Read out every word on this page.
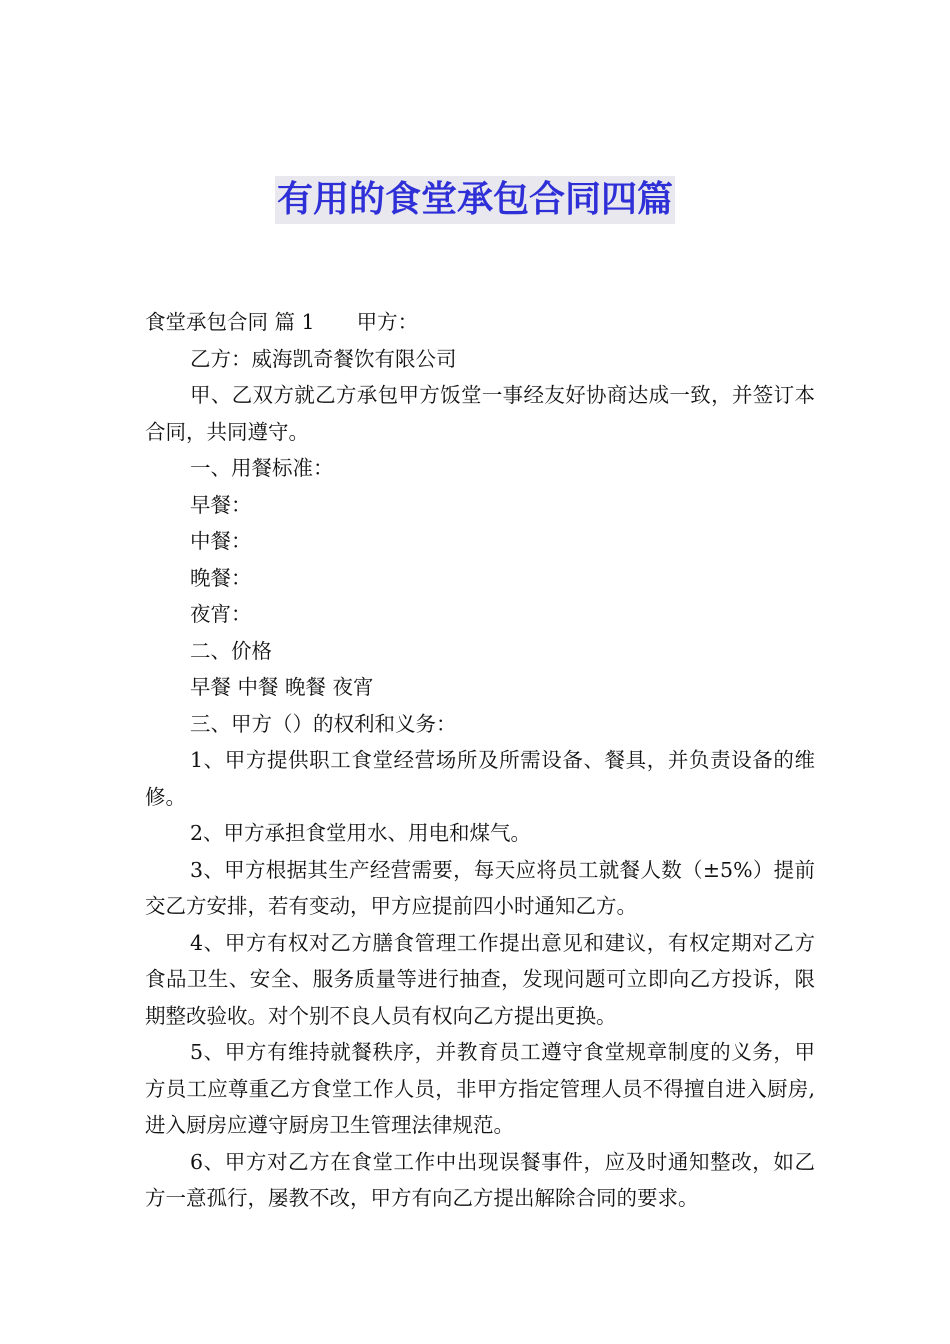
有用的食堂承包合同四篇

食堂承包合同 篇 1 甲方：

乙方：威海凯奇餐饮有限公司

甲、乙双方就乙方承包甲方饭堂一事经友好协商达成一致，并签订本合同，共同遵守。

一、用餐标准：

早餐：

中餐：

晚餐：

夜宵：

二、价格

早餐 中餐 晚餐 夜宵

三、甲方（）的权利和义务：

1、甲方提供职工食堂经营场所及所需设备、餐具，并负责设备的维修。

2、甲方承担食堂用水、用电和煤气。

3、甲方根据其生产经营需要，每天应将员工就餐人数（±5%）提前交乙方安排，若有变动，甲方应提前四小时通知乙方。

4、甲方有权对乙方膳食管理工作提出意见和建议，有权定期对乙方食品卫生、安全、服务质量等进行抽查，发现问题可立即向乙方投诉，限期整改验收。对个别不良人员有权向乙方提出更换。

5、甲方有维持就餐秩序，并教育员工遵守食堂规章制度的义务，甲方员工应尊重乙方食堂工作人员，非甲方指定管理人员不得擅自进入厨房,进入厨房应遵守厨房卫生管理法律规范。

6、甲方对乙方在食堂工作中出现误餐事件，应及时通知整改，如乙方一意孤行，屡教不改，甲方有向乙方提出解除合同的要求。
